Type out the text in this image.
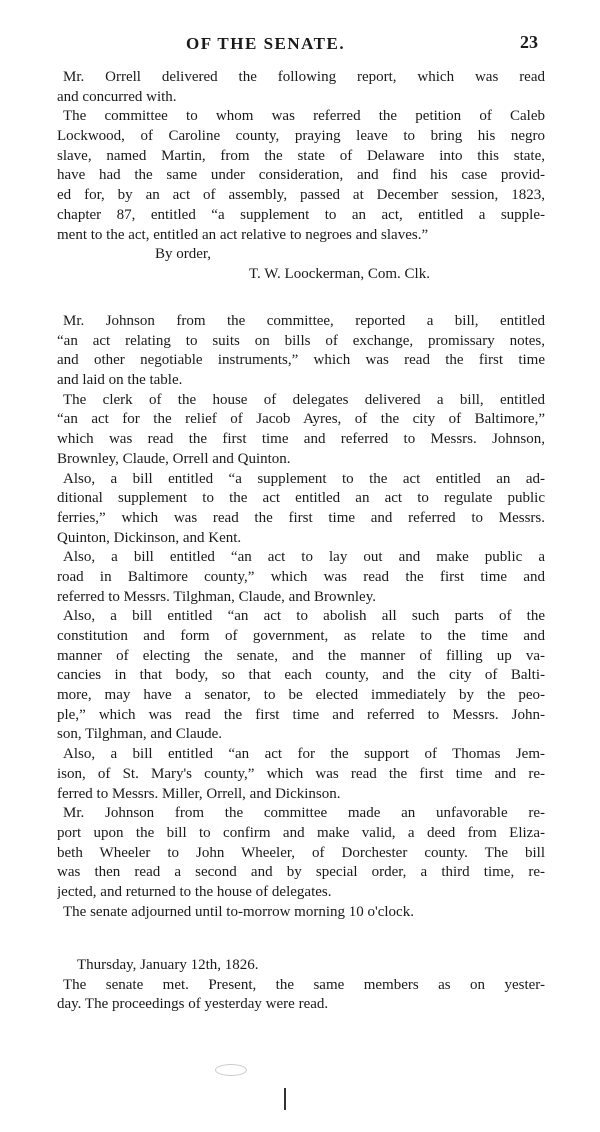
OF THE SENATE.	23
Mr. Orrell delivered the following report, which was read
and concurred with.
The committee to whom was referred the petition of Caleb
Lockwood, of Caroline county, praying leave to bring his negro
slave, named Martin, from the state of Delaware into this state,
have had the same under consideration, and find his case provid-
ed for, by an act of assembly, passed at December session, 1823,
chapter 87, entitled “a supplement to an act, entitled a supple-
ment to the act, entitled an act relative to negroes and slaves.”
By order,
T. W. Loockerman, Com. Clk.
Mr. Johnson from the committee, reported a bill, entitled
“an act relating to suits on bills of exchange, promissary notes,
and other negotiable instruments,” which was read the first time
and laid on the table.
The clerk of the house of delegates delivered a bill, entitled
“an act for the relief of Jacob Ayres, of the city of Baltimore,”
which was read the first time and referred to Messrs. Johnson,
Brownley, Claude, Orrell and Quinton.
Also, a bill entitled “a supplement to the act entitled an ad-
ditional supplement to the act entitled an act to regulate public
ferries,” which was read the first time and referred to Messrs.
Quinton, Dickinson, and Kent.
Also, a bill entitled “an act to lay out and make public a
road in Baltimore county,” which was read the first time and
referred to Messrs. Tilghman, Claude, and Brownley.
Also, a bill entitled “an act to abolish all such parts of the
constitution and form of government, as relate to the time and
manner of electing the senate, and the manner of filling up va-
cancies in that body, so that each county, and the city of Balti-
more, may have a senator, to be elected immediately by the peo-
ple,” which was read the first time and referred to Messrs. John-
son, Tilghman, and Claude.
Also, a bill entitled “an act for the support of Thomas Jem-
ison, of St. Mary's county,” which was read the first time and re-
ferred to Messrs. Miller, Orrell, and Dickinson.
Mr. Johnson from the committee made an unfavorable re-
port upon the bill to confirm and make valid, a deed from Eliza-
beth Wheeler to John Wheeler, of Dorchester county. The bill
was then read a second and by special order, a third time, re-
jected, and returned to the house of delegates.
The senate adjourned until to-morrow morning 10 o'clock.
Thursday, January 12th, 1826.
The senate met. Present, the same members as on yester-
day. The proceedings of yesterday were read.
